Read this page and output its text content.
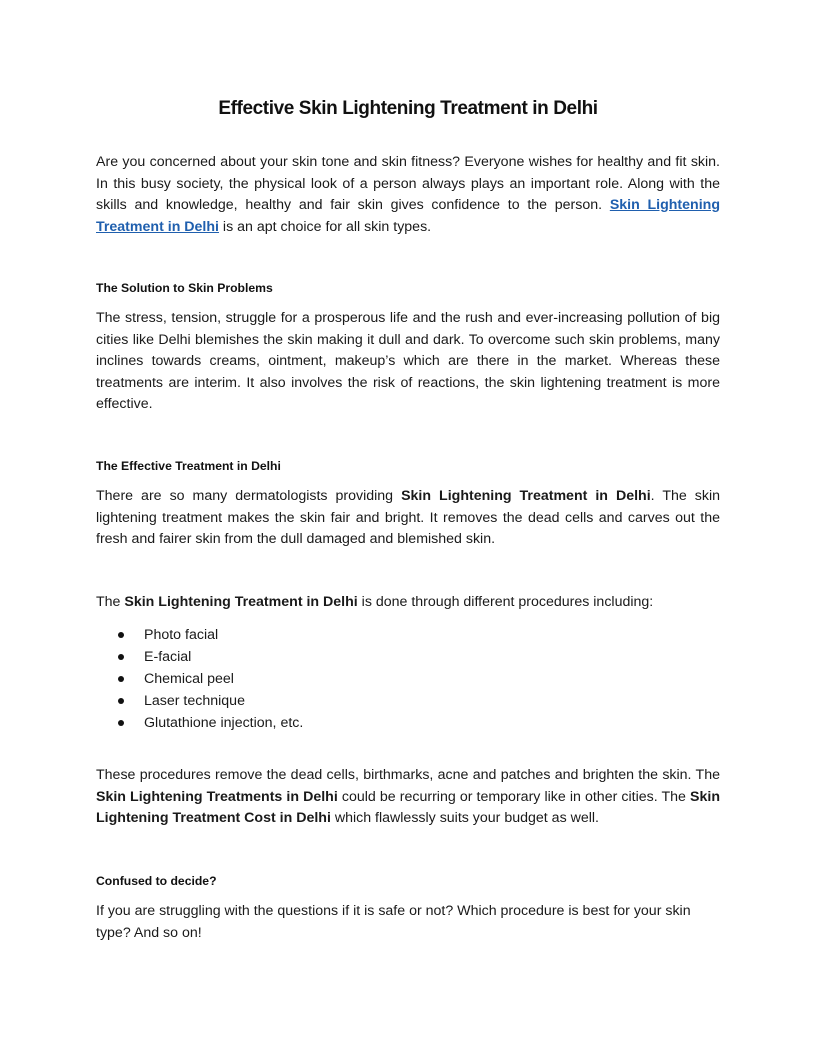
Effective Skin Lightening Treatment in Delhi

Are you concerned about your skin tone and skin fitness? Everyone wishes for healthy and fit skin. In this busy society, the physical look of a person always plays an important role. Along with the skills and knowledge, healthy and fair skin gives confidence to the person. Skin Lightening Treatment in Delhi is an apt choice for all skin types.

The Solution to Skin Problems

The stress, tension, struggle for a prosperous life and the rush and ever-increasing pollution of big cities like Delhi blemishes the skin making it dull and dark. To overcome such skin problems, many inclines towards creams, ointment, makeup’s which are there in the market. Whereas these treatments are interim. It also involves the risk of reactions, the skin lightening treatment is more effective.

The Effective Treatment in Delhi

There are so many dermatologists providing Skin Lightening Treatment in Delhi. The skin lightening treatment makes the skin fair and bright. It removes the dead cells and carves out the fresh and fairer skin from the dull damaged and blemished skin.

The Skin Lightening Treatment in Delhi is done through different procedures including:

Photo facial
E-facial
Chemical peel
Laser technique
Glutathione injection, etc.

These procedures remove the dead cells, birthmarks, acne and patches and brighten the skin. The Skin Lightening Treatments in Delhi could be recurring or temporary like in other cities. The Skin Lightening Treatment Cost in Delhi which flawlessly suits your budget as well.

Confused to decide?

If you are struggling with the questions if it is safe or not? Which procedure is best for your skin type? And so on!
